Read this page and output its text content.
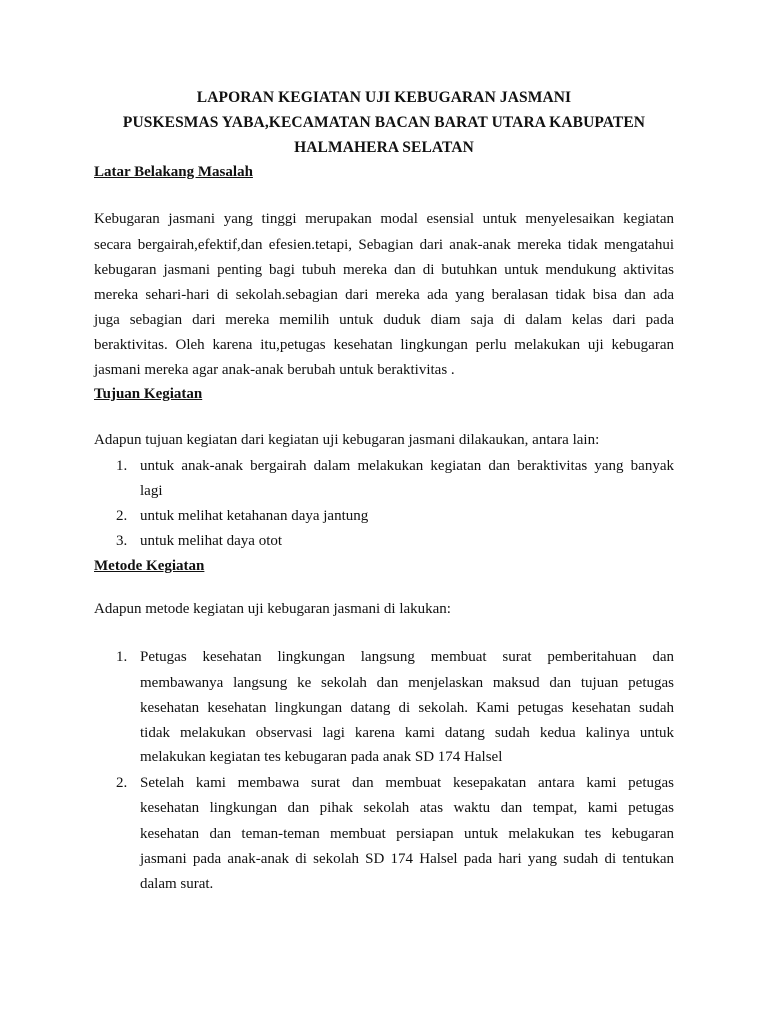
LAPORAN KEGIATAN UJI KEBUGARAN JASMANI
PUSKESMAS YABA,KECAMATAN BACAN BARAT UTARA KABUPATEN
HALMAHERA SELATAN
Latar Belakang Masalah
Kebugaran jasmani yang tinggi merupakan modal esensial untuk menyelesaikan kegiatan
secara bergairah,efektif,dan efesien.tetapi, Sebagian dari anak-anak mereka tidak mengatahui
kebugaran jasmani penting bagi tubuh mereka dan di butuhkan untuk mendukung aktivitas
mereka sehari-hari di sekolah.sebagian dari mereka ada yang beralasan tidak bisa dan ada
juga sebagian dari mereka memilih untuk duduk diam saja di dalam kelas dari pada
beraktivitas. Oleh karena itu,petugas kesehatan lingkungan perlu melakukan uji kebugaran
jasmani mereka agar anak-anak berubah untuk beraktivitas .
Tujuan Kegiatan
Adapun tujuan kegiatan dari kegiatan uji kebugaran jasmani dilakaukan, antara lain:
1. untuk anak-anak bergairah dalam melakukan kegiatan dan beraktivitas yang banyak
lagi
2. untuk melihat ketahanan daya jantung
3. untuk melihat daya otot
Metode Kegiatan
Adapun metode kegiatan uji kebugaran jasmani di lakukan:
1. Petugas kesehatan lingkungan langsung membuat surat pemberitahuan dan
membawanya langsung ke sekolah dan menjelaskan maksud dan tujuan petugas
kesehatan kesehatan lingkungan datang di sekolah. Kami petugas kesehatan sudah
tidak melakukan observasi lagi karena kami datang sudah kedua kalinya untuk
melakukan kegiatan tes kebugaran pada anak SD 174 Halsel
2. Setelah kami membawa surat dan membuat kesepakatan antara kami petugas
kesehatan lingkungan dan pihak sekolah atas waktu dan tempat, kami petugas
kesehatan dan teman-teman membuat persiapan untuk melakukan tes kebugaran
jasmani pada anak-anak di sekolah SD 174 Halsel pada hari yang sudah di tentukan
dalam surat.
